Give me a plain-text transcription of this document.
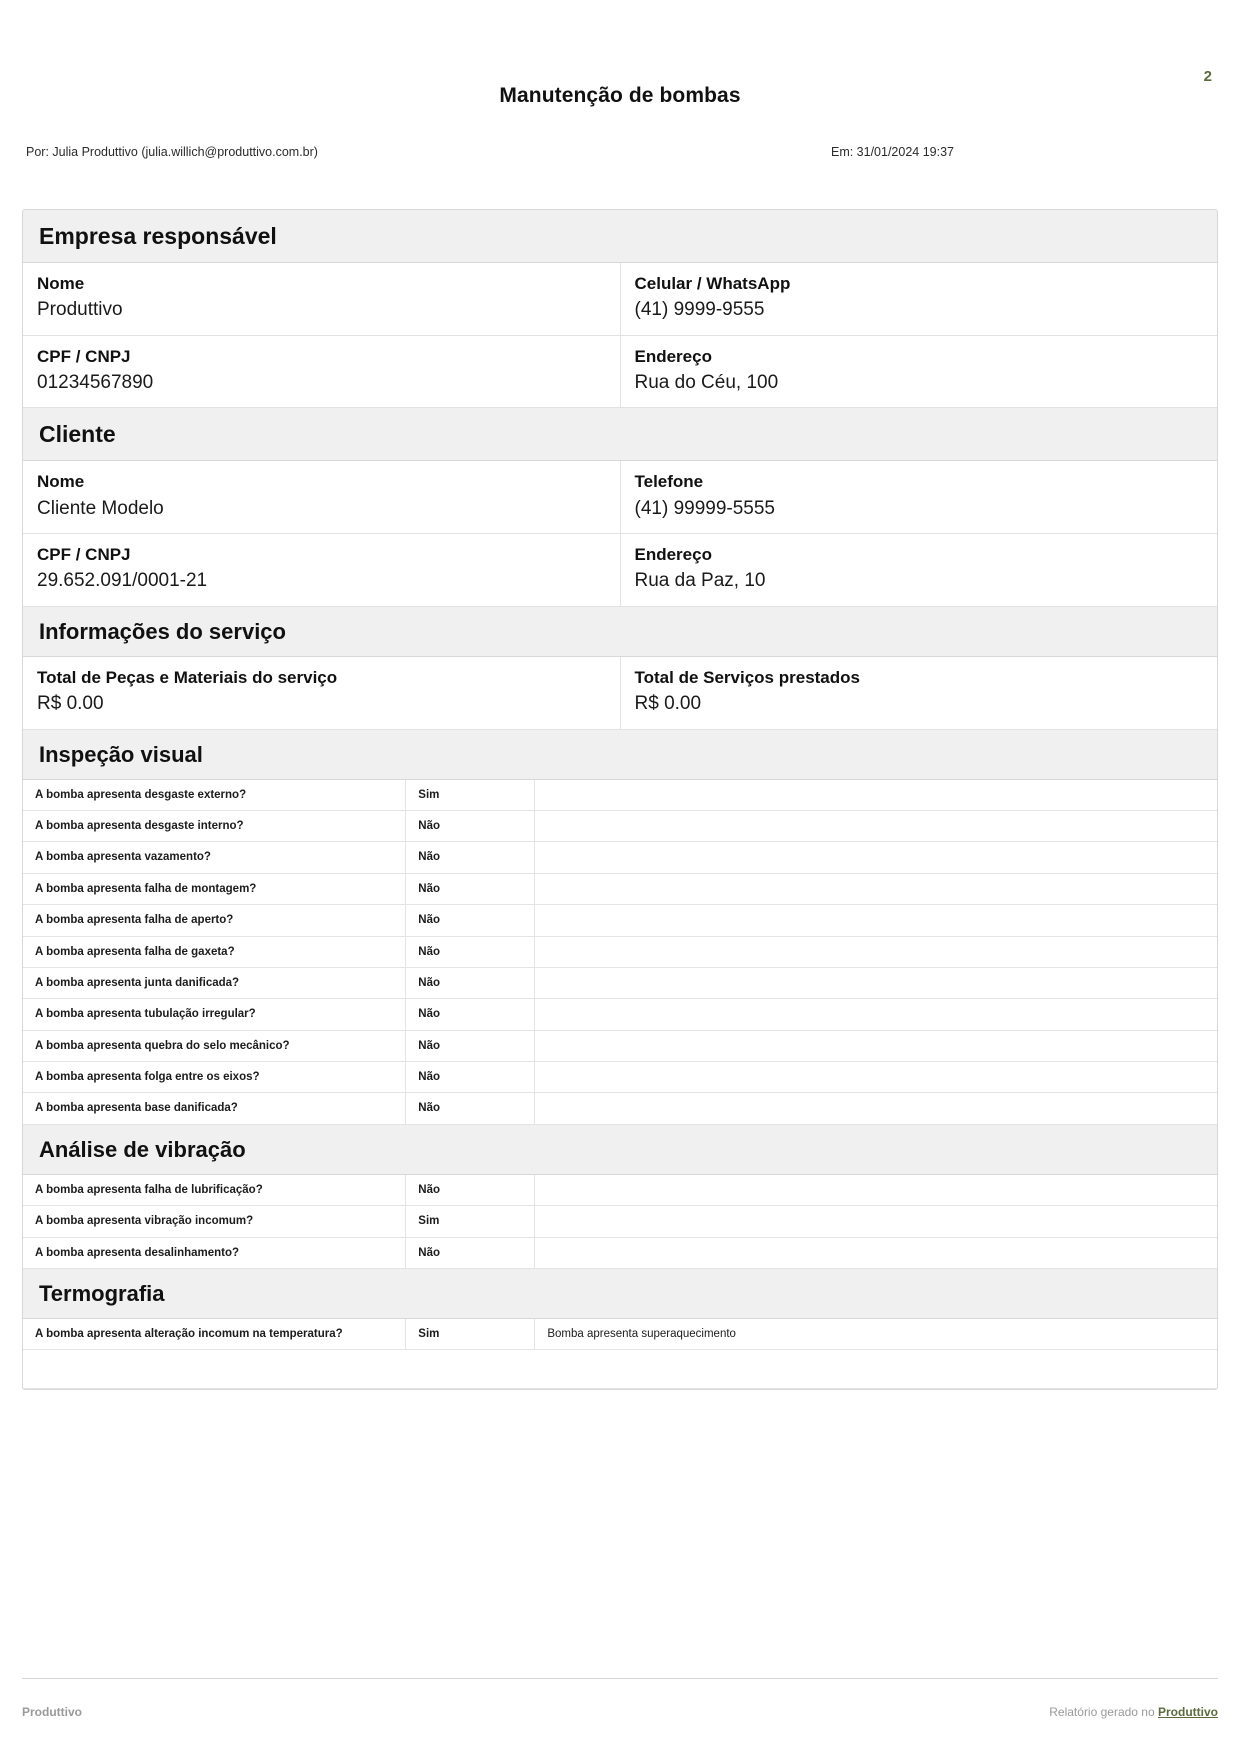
2
Manutenção de bombas
Por: Julia Produttivo (julia.willich@produttivo.com.br)	Em: 31/01/2024 19:37
Empresa responsável
Nome
Produttivo

Celular / WhatsApp
(41) 9999-9555

CPF / CNPJ
01234567890

Endereço
Rua do Céu, 100
Cliente
Nome
Cliente Modelo

Telefone
(41) 99999-5555

CPF / CNPJ
29.652.091/0001-21

Endereço
Rua da Paz, 10
Informações do serviço
Total de Peças e Materiais do serviço
R$ 0.00

Total de Serviços prestados
R$ 0.00
Inspeção visual
A bomba apresenta desgaste externo?	Sim	
A bomba apresenta desgaste interno?	Não	
A bomba apresenta vazamento?	Não	
A bomba apresenta falha de montagem?	Não	
A bomba apresenta falha de aperto?	Não	
A bomba apresenta falha de gaxeta?	Não	
A bomba apresenta junta danificada?	Não	
A bomba apresenta tubulação irregular?	Não	
A bomba apresenta quebra do selo mecânico?	Não	
A bomba apresenta folga entre os eixos?	Não	
A bomba apresenta base danificada?	Não	
Análise de vibração
A bomba apresenta falha de lubrificação?	Não	
A bomba apresenta vibração incomum?	Sim	
A bomba apresenta desalinhamento?	Não	
Termografia
A bomba apresenta alteração incomum na temperatura?	Sim	Bomba apresenta superaquecimento
Produttivo	Relatório gerado no Produttivo
